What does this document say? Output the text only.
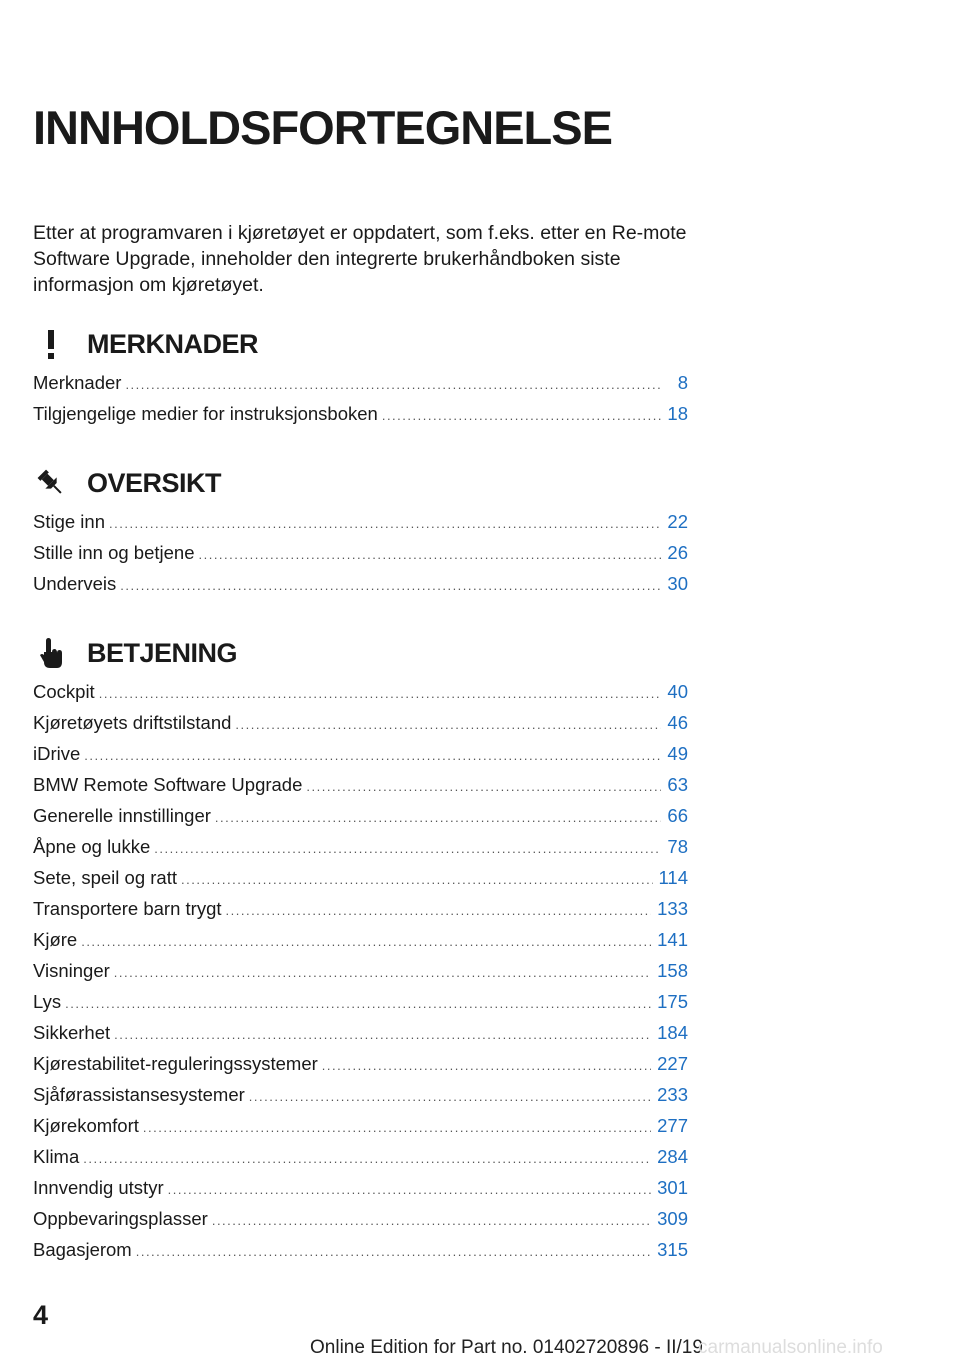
INNHOLDSFORTEGNELSE

Etter at programvaren i kjøretøyet er oppdatert, som f.eks. etter en Re-mote Software Upgrade, inneholder den integrerte brukerhåndboken siste informasjon om kjøretøyet.

MERKNADER
Merknader .....	8
Tilgjengelige medier for instruksjonsboken .....	18
OVERSIKT
Stige inn .....	22
Stille inn og betjene .....	26
Underveis .....	30
BETJENING
Cockpit .....	40
Kjøretøyets driftstilstand .....	46
iDrive .....	49
BMW Remote Software Upgrade .....	63
Generelle innstillinger .....	66
Åpne og lukke .....	78
Sete, speil og ratt .....	114
Transportere barn trygt .....	133
Kjøre .....	141
Visninger .....	158
Lys .....	175
Sikkerhet .....	184
Kjørestabilitet-reguleringssystemer .....	227
Sjåførassistansesystemer .....	233
Kjørekomfort .....	277
Klima .....	284
Innvendig utstyr .....	301
Oppbevaringsplasser .....	309
Bagasjerom .....	315
4
Online Edition for Part no. 01402720896 - II/19
carmanualsonline.info
